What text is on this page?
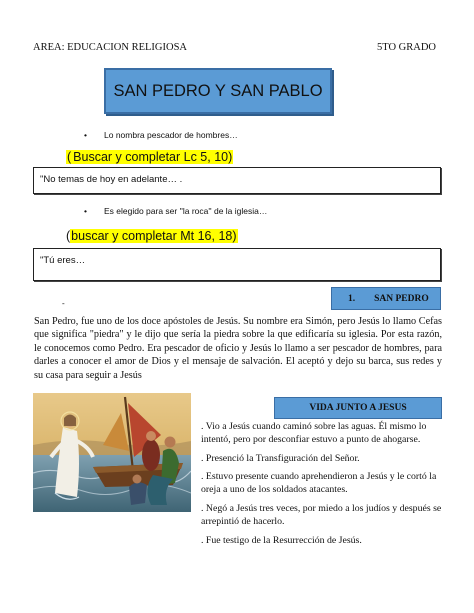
AREA: EDUCACION RELIGIOSA	5TO GRADO
SAN PEDRO Y SAN PABLO
• Lo nombra pescador de hombres…
( Buscar y completar Lc 5, 10)
"No temas de hoy en adelante… .
• Es elegido para ser ''la roca'' de la iglesia…
(buscar y completar Mt 16, 18)
"Tú eres…
-	1. SAN PEDRO
San Pedro, fue uno de los doce apóstoles de Jesús. Su nombre era Simón, pero Jesús lo llamo Cefas que significa "piedra" y le dijo que sería la piedra sobre la que edificaría su iglesia. Por esta razón, le conocemos como Pedro. Era pescador de oficio y Jesús lo llamo a ser pescador de hombres, para darles a conocer el amor de Dios y el mensaje de salvación. El aceptó y dejo su barca, sus redes y su casa para seguir a Jesús
VIDA JUNTO A JESUS

. Vio a Jesús cuando caminó sobre las aguas. Él mismo lo intentó, pero por desconfiar estuvo a punto de ahogarse.

. Presenció la Transfiguración del Señor.

. Estuvo presente cuando aprehendieron a Jesús y le cortó la oreja a uno de los soldados atacantes.

. Negó a Jesús tres veces, por miedo a los judíos y después se arrepintió de hacerlo.

. Fue testigo de la Resurrección de Jesús.
